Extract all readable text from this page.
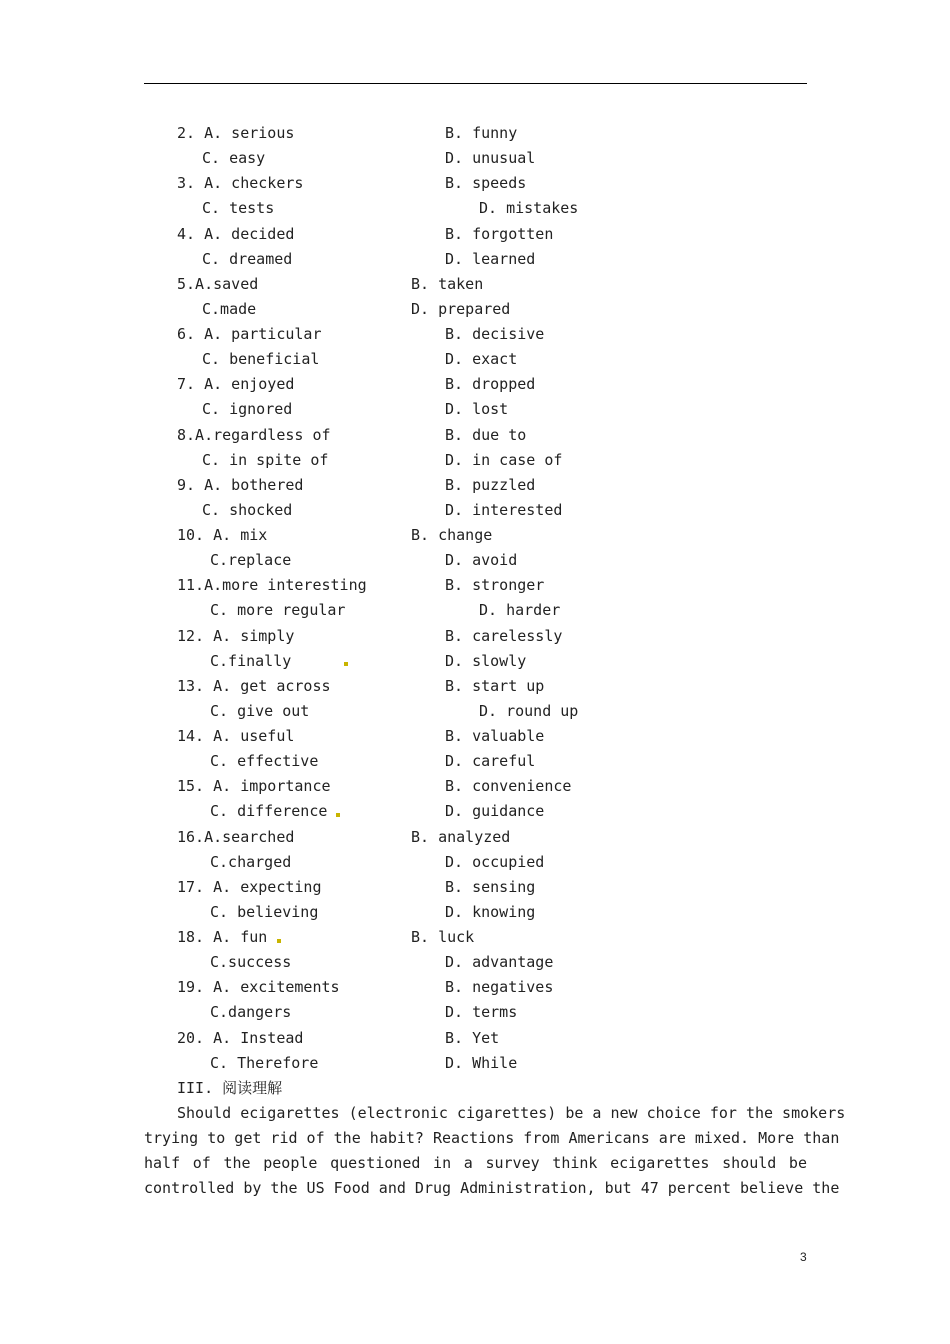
2. A. serious	B. funny
C. easy	D. unusual
3. A. checkers	B. speeds
C. tests	D. mistakes
4. A. decided	B. forgotten
C. dreamed	D. learned
5.A.saved	B. taken
C.made	D. prepared
6. A. particular	B. decisive
C. beneficial	D. exact
7. A. enjoyed	B. dropped
C. ignored	D. lost
8.A.regardless of	B. due to
C. in spite of	D. in case of
9. A. bothered	B. puzzled
C. shocked	D. interested
10. A. mix	B. change
C.replace	D. avoid
11.A.more interesting	B. stronger
C. more regular	D. harder
12. A. simply	B. carelessly
C.finally	D. slowly
13. A. get across	B. start up
C. give out	D. round up
14. A. useful	B. valuable
C. effective	D. careful
15. A. importance	B. convenience
C. difference	D. guidance
16.A.searched	B. analyzed
C.charged	D. occupied
17. A. expecting	B. sensing
C. believing	D. knowing
18. A. fun	B. luck
C.success	D. advantage
19. A. excitements	B. negatives
C.dangers	D. terms
20. A. Instead	B. Yet
C. Therefore	D. While
III. 阅读理解
Should ecigarettes (electronic cigarettes) be a new choice for the smokers
trying to get rid of the habit? Reactions from Americans are mixed. More than
half of the people questioned in a survey think ecigarettes should be
controlled by the US Food and Drug Administration, but 47 percent believe the
3
